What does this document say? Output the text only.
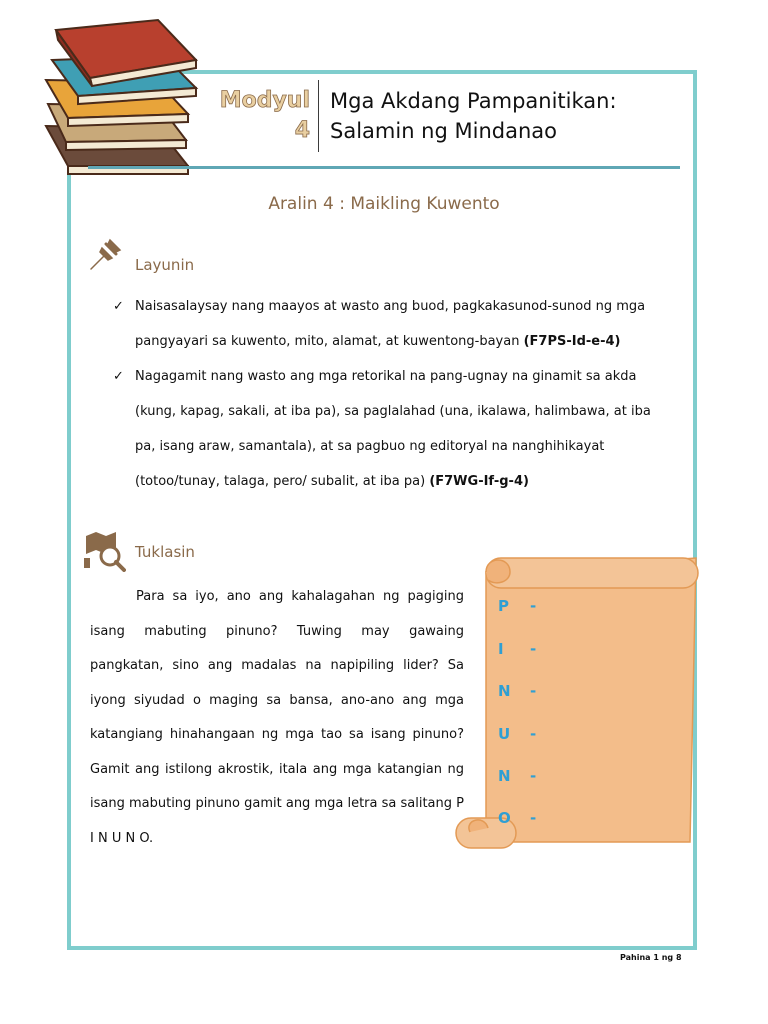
Modyul
4
Mga Akdang Pampanitikan:
Salamin ng Mindanao
Aralin 4 : Maikling Kuwento
Layunin
✓ Naisasalaysay nang maayos at wasto ang buod, pagkakasunod-sunod ng mga
pangyayari sa kuwento, mito, alamat, at kuwentong-bayan (F7PS-Id-e-4)
✓ Nagagamit nang wasto ang mga retorikal na pang-ugnay na ginamit sa akda
(kung, kapag, sakali, at iba pa), sa paglalahad (una, ikalawa, halimbawa, at iba
pa, isang araw, samantala), at sa pagbuo ng editoryal na nanghihikayat
(totoo/tunay, talaga, pero/ subalit, at iba pa) (F7WG-If-g-4)
Tuklasin
Para sa iyo, ano ang kahalagahan ng pagiging isang mabuting pinuno? Tuwing may gawaing pangkatan, sino ang madalas na napipiling lider? Sa iyong siyudad o maging sa bansa, ano-ano ang mga katangiang hinahangaan ng mga tao sa isang pinuno? Gamit ang istilong akrostik, itala ang mga katangian ng isang mabuting pinuno gamit ang mga letra sa salitang P I N U N O.
P -
I -
N -
U -
N -
O -
Pahina 1 ng 8
